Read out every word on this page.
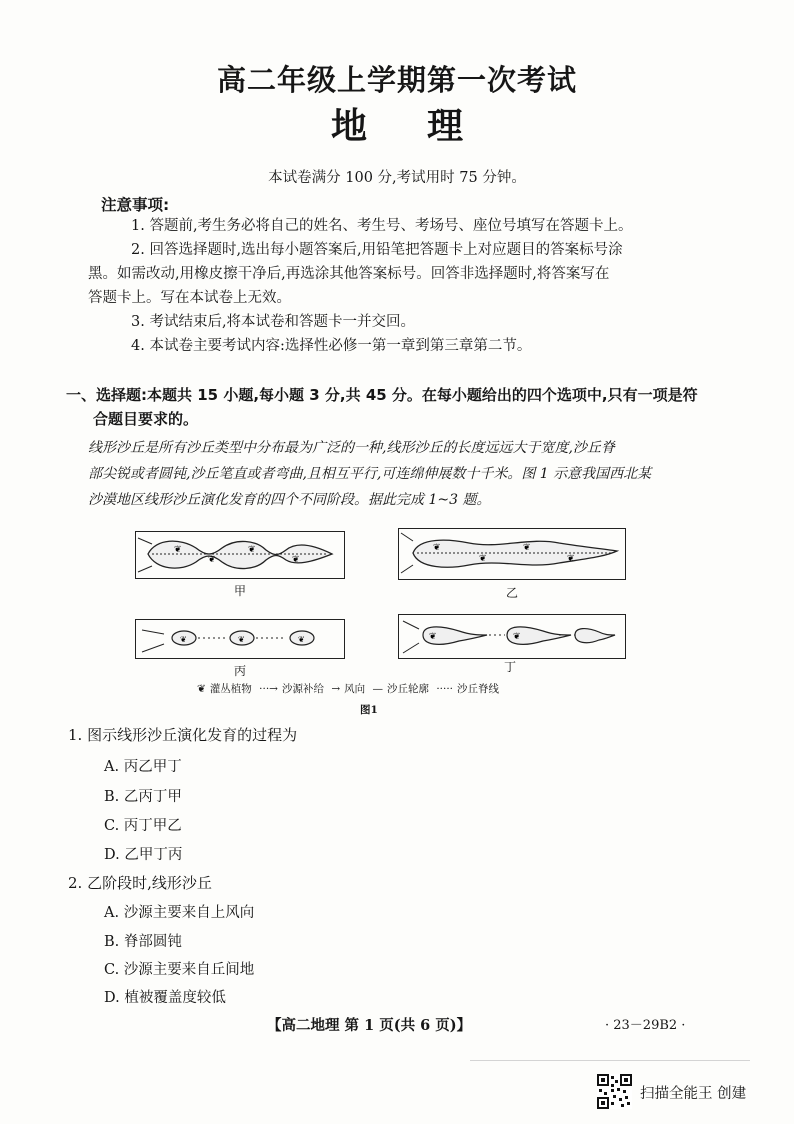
高二年级上学期第一次考试
地理
本试卷满分 100 分,考试用时 75 分钟。
注意事项:
1. 答题前,考生务必将自己的姓名、考生号、考场号、座位号填写在答题卡上。
2. 回答选择题时,选出每小题答案后,用铅笔把答题卡上对应题目的答案标号涂
黑。如需改动,用橡皮擦干净后,再选涂其他答案标号。回答非选择题时,将答案写在
答题卡上。写在本试卷上无效。
3. 考试结束后,将本试卷和答题卡一并交回。
4. 本试卷主要考试内容:选择性必修一第一章到第三章第二节。
一、选择题:本题共 15 小题,每小题 3 分,共 45 分。在每小题给出的四个选项中,只有一项是符
合题目要求的。
线形沙丘是所有沙丘类型中分布最为广泛的一种,线形沙丘的长度远远大于宽度,沙丘脊
部尖锐或者圆钝,沙丘笔直或者弯曲,且相互平行,可连绵伸展数十千米。图 1 示意我国西北某
沙漠地区线形沙丘演化发育的四个不同阶段。据此完成 1~3 题。
❦
❦
❦
❦
甲
❦
❦
❦
❦
乙
❦	❦	❦
丙
❦	❦
丁
❦ 灌丛植物 ···→ 沙源补给 → 风向 — 沙丘轮廓 ····· 沙丘脊线
图1
1. 图示线形沙丘演化发育的过程为
A. 丙乙甲丁
B. 乙丙丁甲
C. 丙丁甲乙
D. 乙甲丁丙
2. 乙阶段时,线形沙丘
A. 沙源主要来自上风向
B. 脊部圆钝
C. 沙源主要来自丘间地
D. 植被覆盖度较低
【高二地理 第 1 页(共 6 页)】	· 23－29B2 ·
扫描全能王 创建
